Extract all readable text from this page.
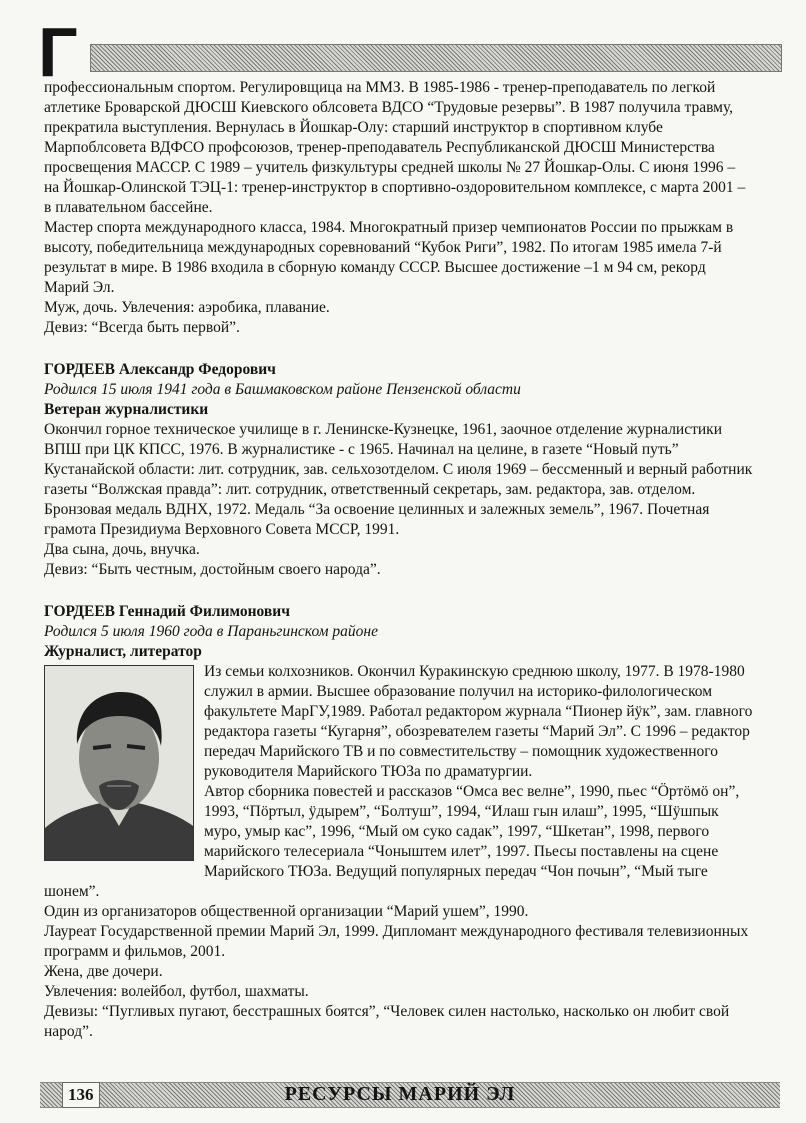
Г

профессиональным спортом. Регулировщица на ММЗ. В 1985-1986 - тренер-преподаватель по легкой атлетике Броварской ДЮСШ Киевского облсовета ВДСО “Трудовые резервы”. В 1987 получила травму, прекратила выступления. Вернулась в Йошкар-Олу: старший инструктор в спортивном клубе Марпоблсовета ВДФСО профсоюзов, тренер-преподаватель Республиканской ДЮСШ Министерства просвещения МАССР. С 1989 – учитель физкультуры средней школы № 27 Йошкар-Олы. С июня 1996 – на Йошкар-Олинской ТЭЦ-1: тренер-инструктор в спортивно-оздоровительном комплексе, с марта 2001 – в плавательном бассейне.

Мастер спорта международного класса, 1984. Многократный призер чемпионатов России по прыжкам в высоту, победительница международных соревнований “Кубок Риги”, 1982. По итогам 1985 имела 7-й результат в мире. В 1986 входила в сборную команду СССР. Высшее достижение –1 м 94 см, рекорд Марий Эл.

Муж, дочь. Увлечения: аэробика, плавание.

Девиз: “Всегда быть первой”.

ГОРДЕЕВ Александр Федорович

Родился 15 июля 1941 года в Башмаковском районе Пензенской области

Ветеран журналистики

Окончил горное техническое училище в г. Ленинске-Кузнецке, 1961, заочное отделение журналистики ВПШ при ЦК КПСС, 1976. В журналистике - с 1965. Начинал на целине, в газете “Новый путь” Кустанайской области: лит. сотрудник, зав. сельхозотделом. С июля 1969 – бессменный и верный работник газеты “Волжская правда”: лит. сотрудник, ответственный секретарь, зам. редактора, зав. отделом.

Бронзовая медаль ВДНХ, 1972. Медаль “За освоение целинных и залежных земель”, 1967. Почетная грамота Президиума Верховного Совета МССР, 1991.

Два сына, дочь, внучка.

Девиз: “Быть честным, достойным своего народа”.

ГОРДЕЕВ Геннадий Филимонович

Родился 5 июля 1960 года в Параньгинском районе

Журналист, литератор

Из семьи колхозников. Окончил Куракинскую среднюю школу, 1977. В 1978-1980 служил в армии. Высшее образование получил на историко-филологическом факультете МарГУ,1989. Работал редактором журнала “Пионер йӱк”, зам. главного редактора газеты “Кугарня”, обозревателем газеты “Марий Эл”. С 1996 – редактор передач Марийского ТВ и по совместительству – помощник художественного руководителя Марийского ТЮЗа по драматургии.

Автор сборника повестей и рассказов “Омса вес велне”, 1990, пьес “Ӧртӧмӧ он”, 1993, “Пӧртыл, ӱдырем”, “Болтуш”, 1994, “Илаш гын илаш”, 1995, “Шӱшпык муро, умыр кас”, 1996, “Мый ом суко садак”, 1997, “Шкетан”, 1998, первого марийского телесериала “Чоныштем илет”, 1997. Пьесы поставлены на сцене Марийского ТЮЗа. Ведущий популярных передач “Чон почын”, “Мый тыге шонем”.

Один из организаторов общественной организации “Марий ушем”, 1990.

Лауреат Государственной премии Марий Эл, 1999. Дипломант международного фестиваля телевизионных программ и фильмов, 2001.

Жена, две дочери.

Увлечения: волейбол, футбол, шахматы.

Девизы: “Пугливых пугают, бесстрашных боятся”, “Человек силен настолько, насколько он любит свой народ”.

136	РЕСУРСЫ МАРИЙ ЭЛ
